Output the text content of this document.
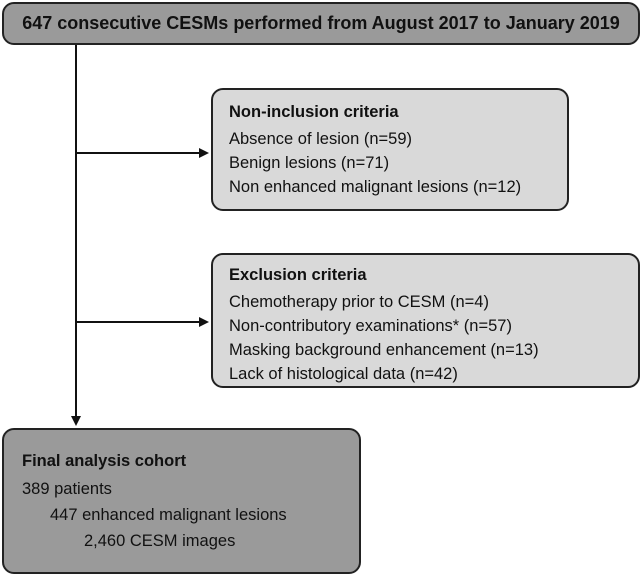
647 consecutive CESMs performed from August 2017 to January 2019
Non-inclusion criteria
Absence of lesion (n=59)
Benign lesions (n=71)
Non enhanced malignant lesions (n=12)
Exclusion criteria
Chemotherapy prior to CESM (n=4)
Non-contributory examinations* (n=57)
Masking background enhancement (n=13)
Lack of histological data (n=42)
Final analysis cohort
389 patients
447 enhanced malignant lesions
2,460 CESM images
